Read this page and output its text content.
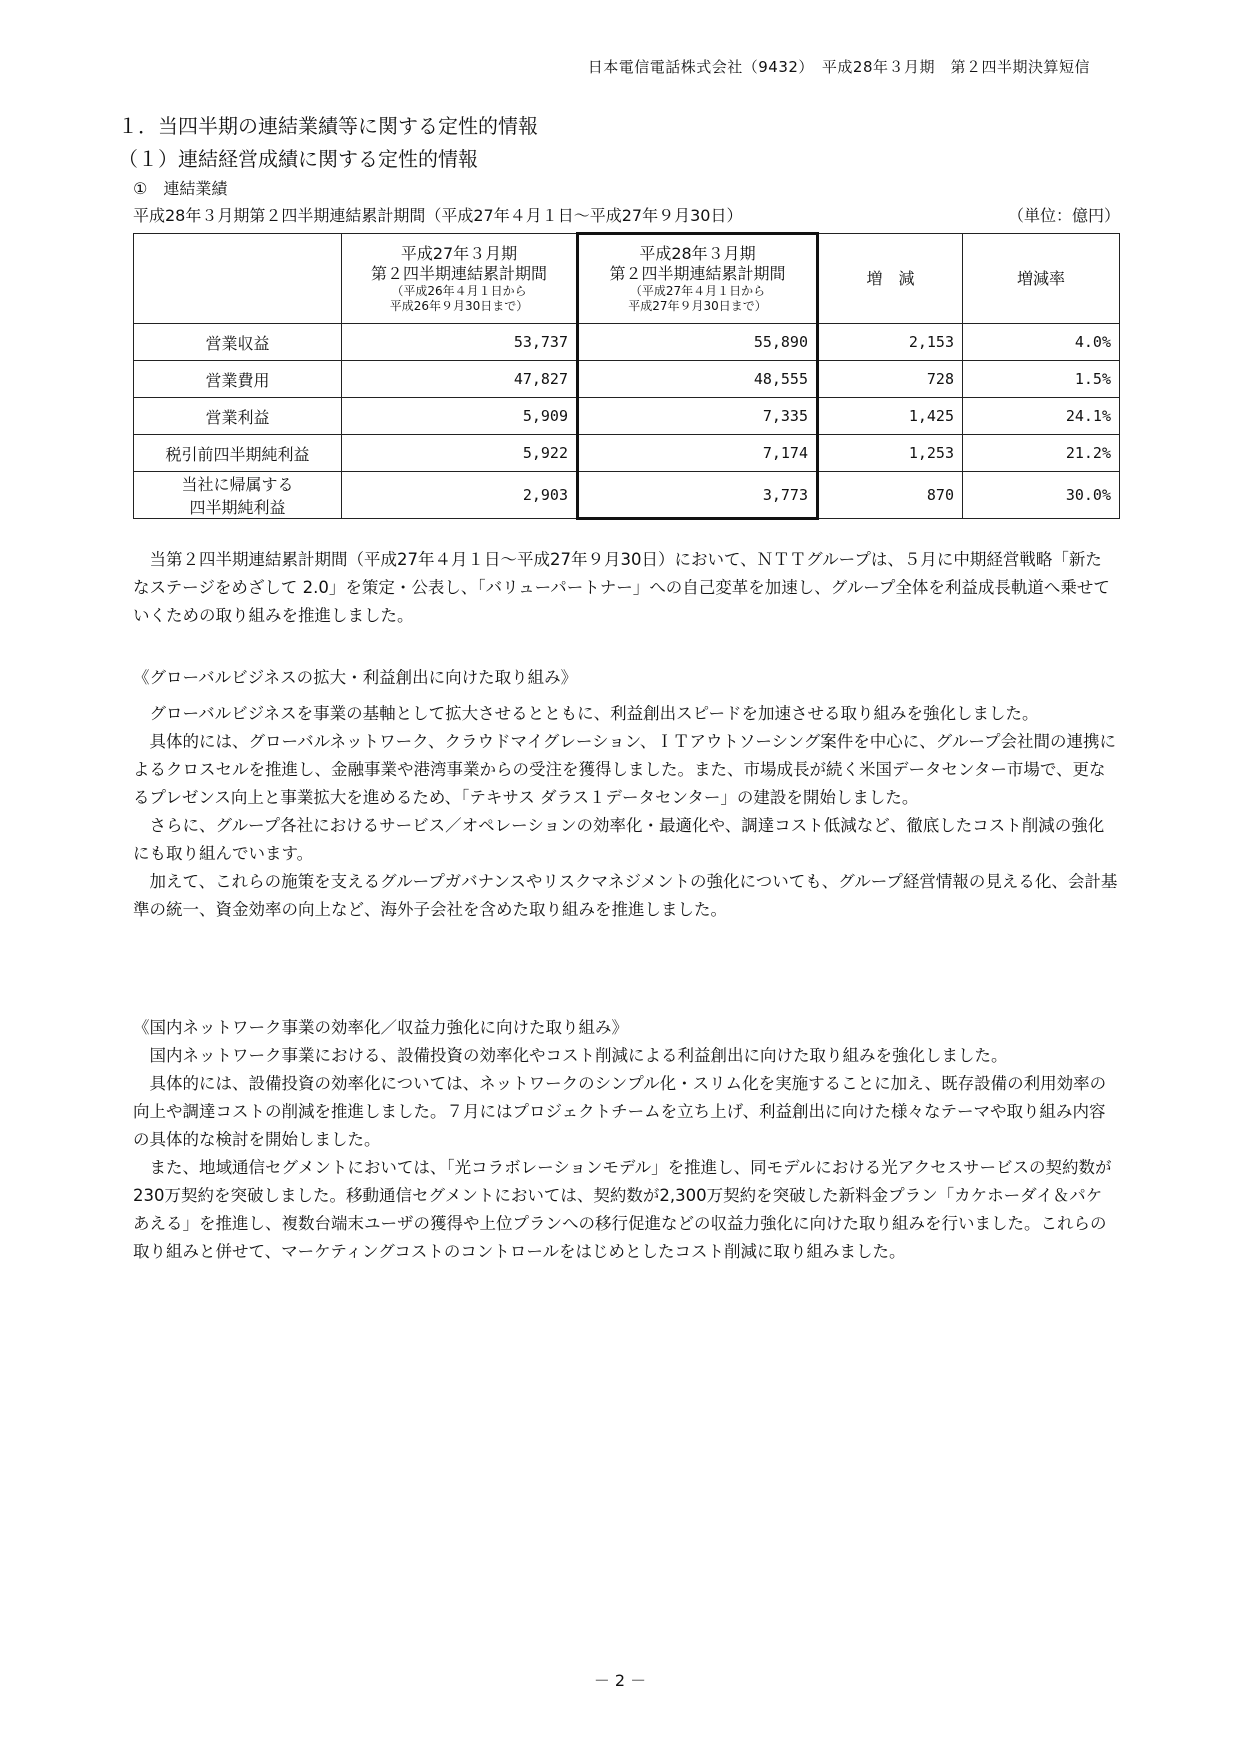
日本電信電話株式会社（9432）　平成28年３月期　第２四半期決算短信
１．当四半期の連結業績等に関する定性的情報
（１）連結経営成績に関する定性的情報
①　連結業績
平成28年３月期第２四半期連結累計期間（平成27年４月１日～平成27年９月30日）	（単位：億円）

	平成27年３月期
第２四半期連結累計期間
（平成26年４月１日から
平成26年９月30日まで）	平成28年３月期
第２四半期連結累計期間
（平成27年４月１日から
平成27年９月30日まで）	増　減	増減率
営業収益	53,737	55,890	2,153	4.0%
営業費用	47,827	48,555	728	1.5%
営業利益	5,909	7,335	1,425	24.1%
税引前四半期純利益	5,922	7,174	1,253	21.2%

当社に帰属する
四半期純利益	2,903	3,773	870	30.0%

当第２四半期連結累計期間（平成27年４月１日～平成27年９月30日）において、ＮＴＴグループは、５月に中期経営戦略「新たなステージをめざして 2.0」を策定・公表し、「バリューパートナー」への自己変革を加速し、グループ全体を利益成長軌道へ乗せていくための取り組みを推進しました。

《グローバルビジネスの拡大・利益創出に向けた取り組み》

グローバルビジネスを事業の基軸として拡大させるとともに、利益創出スピードを加速させる取り組みを強化しました。

具体的には、グローバルネットワーク、クラウドマイグレーション、ＩＴアウトソーシング案件を中心に、グループ会社間の連携によるクロスセルを推進し、金融事業や港湾事業からの受注を獲得しました。また、市場成長が続く米国データセンター市場で、更なるプレゼンス向上と事業拡大を進めるため、「テキサス ダラス１データセンター」の建設を開始しました。

さらに、グループ各社におけるサービス／オペレーションの効率化・最適化や、調達コスト低減など、徹底したコスト削減の強化にも取り組んでいます。

加えて、これらの施策を支えるグループガバナンスやリスクマネジメントの強化についても、グループ経営情報の見える化、会計基準の統一、資金効率の向上など、海外子会社を含めた取り組みを推進しました。

《国内ネットワーク事業の効率化／収益力強化に向けた取り組み》

国内ネットワーク事業における、設備投資の効率化やコスト削減による利益創出に向けた取り組みを強化しました。

具体的には、設備投資の効率化については、ネットワークのシンプル化・スリム化を実施することに加え、既存設備の利用効率の向上や調達コストの削減を推進しました。７月にはプロジェクトチームを立ち上げ、利益創出に向けた様々なテーマや取り組み内容の具体的な検討を開始しました。

また、地域通信セグメントにおいては、「光コラボレーションモデル」を推進し、同モデルにおける光アクセスサービスの契約数が230万契約を突破しました。移動通信セグメントにおいては、契約数が2,300万契約を突破した新料金プラン「カケホーダイ＆パケあえる」を推進し、複数台端末ユーザの獲得や上位プランへの移行促進などの収益力強化に向けた取り組みを行いました。これらの取り組みと併せて、マーケティングコストのコントロールをはじめとしたコスト削減に取り組みました。

－ 2 －
